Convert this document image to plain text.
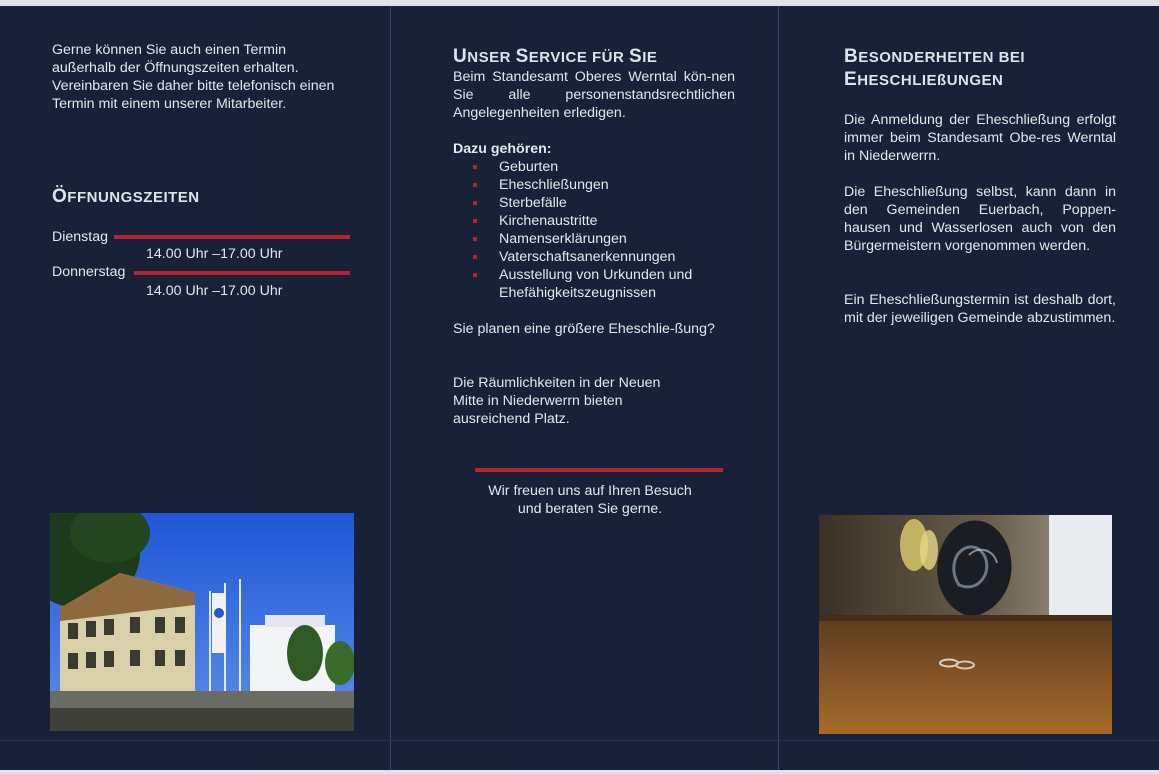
Gerne können Sie auch einen Termin außerhalb der Öffnungszeiten erhalten. Vereinbaren Sie daher bitte telefonisch einen Termin mit einem unserer Mitarbeiter.
ÖFFNUNGSZEITEN
Dienstag
14.00 Uhr –17.00 Uhr
Donnerstag
14.00 Uhr –17.00 Uhr
UNSER SERVICE FÜR SIE
Beim Standesamt Oberes Werntal kön-nen Sie alle personenstandsrechtlichen Angelegenheiten erledigen.
Dazu gehören:
Geburten
Eheschließungen
Sterbefälle
Kirchenaustritte
Namenserklärungen
Vaterschaftsanerkennungen
Ausstellung von Urkunden und Ehefähigkeitszeugnissen
Sie planen eine größere Eheschlie-ßung?
Die Räumlichkeiten in der Neuen Mitte in Niederwerrn bieten ausreichend Platz.
Wir freuen uns auf Ihren Besuch
und beraten Sie gerne.
BESONDERHEITEN BEI
EHESCHLIEßUNGEN
Die Anmeldung der Eheschließung erfolgt immer beim Standesamt Obe-res Werntal in Niederwerrn.
Die Eheschließung selbst, kann dann in den Gemeinden Euerbach, Poppen-hausen und Wasserlosen auch von den Bürgermeistern vorgenommen werden.
Ein Eheschließungstermin ist deshalb dort, mit der jeweiligen Gemeinde abzustimmen.
